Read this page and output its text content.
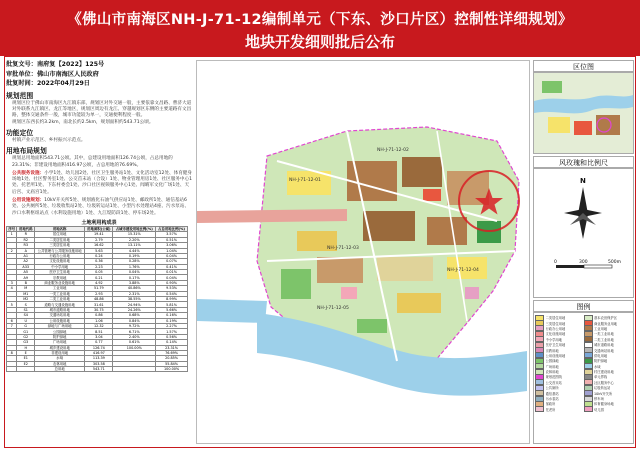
《佛山市南海区NH-J-71-12编制单元（下东、沙口片区）控制性详细规划》
地块开发细则批后公布
批复文号：南府复【2022】125号
审批单位：佛山市南海区人民政府
批复时间：2022年04月29日
规划范围
规划区位于佛山市南海区九江镇东部，规划区对外交通一般，主要依靠文昌路、曹济大道对外联系九江镇区、龙江等地区，规划区周边有龙江、穿越规划区东侧的主要道路有文昌路，整体交通条件一般，城市功能较为单一，交通便利程度一般。
规划区东西长约3.2km，南北长约2.5km，规划面积约543.71公顷。
功能定位
村镇产业示范区、乡村振兴示范点。
用地布局规划
规划总用地面积543.71公顷。其中，总建设用地面积126.74公顷，占总用地的23.31%；非建设用地面积416.97公顷，占总用地的76.69%。
公共服务设施：小学1处、幼儿园2处、社区卫生服务站1处、文化活动室12处、体育健身场地1处、社区警务室1处、公交首末站（合设）1处、物业管理用房1处、社区服务中心1处、托老所1处、下东村委会1处、沙口社区视频服务中心1处、闻晴军文化广场1处、天后宫、文庙宫1处。
公用设施规划：10kV开关所5处、规划液化石油气供应站1处、邮政所1处、通信基站6处、公共厕所5处、垃圾收集站2处、垃圾转运站1处、小型污水处理站4座、污水泵站、沙口水利枢纽站点（水利设施用地）1处、九江堤防段1处、停车场2处。
土地利用构成表
序号	用地代码	用地名称	用地面积(公顷)	占城市建设用地比例(%)	占总用地比例(%)
1	R	居住用地	19.41	15.31%	3.57%
	R2	二类居住用地	2.79	2.20%	0.51%
	R3	三类居住用地	16.62	13.11%	3.06%
2	A	公共管理与公共服务设施用地	5.63	4.44%	1.04%
	A1	行政办公用地	0.24	0.19%	0.04%
	A2	文化设施用地	0.36	0.28%	0.07%
	A33	中小学用地	2.23	1.76%	0.41%
	A5	医疗卫生用地	0.05	0.04%	0.01%
	A9	宗教用地	0.21	0.17%	0.04%
3	B	商业服务业设施用地	4.92	3.88%	0.90%
4	M	工业用地	51.79	40.86%	9.53%
	M1	一类工业用地	2.93	2.31%	0.54%
	M2	二类工业用地	48.86	38.55%	8.99%
5	S	道路与交通设施用地	31.61	24.94%	5.81%
	S1	城市道路用地	30.75	24.26%	5.66%
	S4	交通场站用地	0.86	0.68%	0.16%
6	U	公用设施用地	1.06	0.84%	0.19%
7	G	绿地与广场用地	12.32	9.72%	2.27%
	G1	公园绿地	8.51	6.71%	1.57%
	G2	防护绿地	3.04	2.40%	0.56%
	G3	广场用地	0.77	0.61%	0.14%
	H	城乡建设用地	126.74	100.00%	23.31%
8	E	非建设用地	416.97		76.69%
	E1	水域	113.39		20.85%
	E2	农林用地	303.58		55.84%
		总用地	543.71		100.00%
NH-J-71-12-01
NH-J-71-12-02
NH-J-71-12-03
NH-J-71-12-04
NH-J-71-12-05
区位图
风玫瑰和比例尺
N
0	300	500m
图例
二类居住用地	基本农田保护区
三类居住用地	商业服务业用地
行政办公用地	工业用地
文化设施用地	一类工业用地
中小学用地	二类工业用地
医疗卫生用地	城市道路用地
宗教用地	交通场站用地
公用设施用地	供电用地
公园绿地	防护绿地
广场用地	水域
农林用地	村庄建设用地
规划范围线	单元界线
公交首末站	社区服务中心
公共厕所	垃圾转运站
通信基站	10kV开关所
污水泵站	停车场
邮政所	体育健身场地
托老所	幼儿园
